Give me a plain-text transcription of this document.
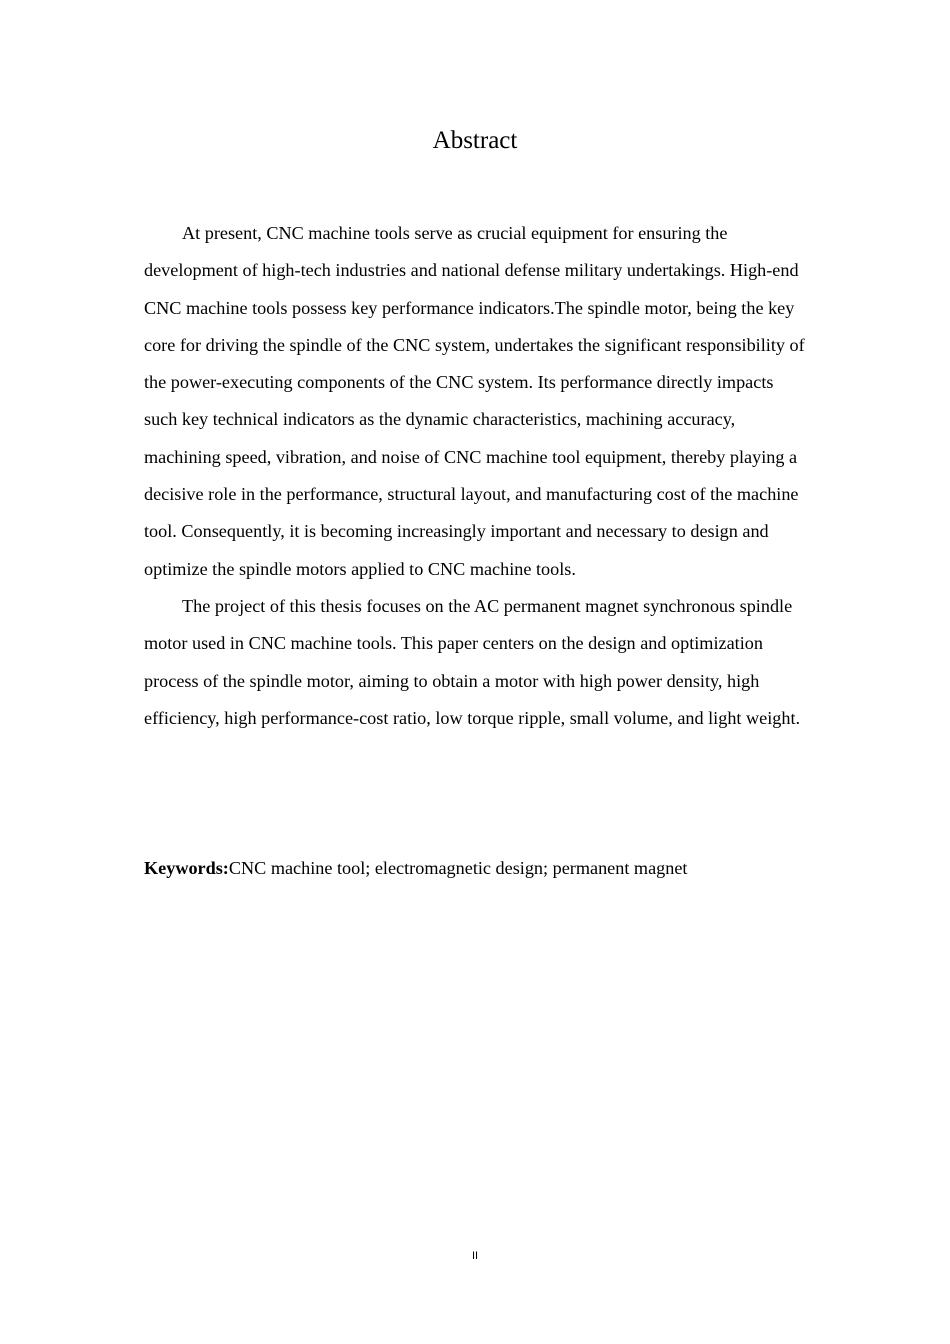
Abstract

At present, CNC machine tools serve as crucial equipment for ensuring the development of high-tech industries and national defense military undertakings. High-end CNC machine tools possess key performance indicators.The spindle motor, being the key core for driving the spindle of the CNC system, undertakes the significant responsibility of the power-executing components of the CNC system. Its performance directly impacts such key technical indicators as the dynamic characteristics, machining accuracy, machining speed, vibration, and noise of CNC machine tool equipment, thereby playing a decisive role in the performance, structural layout, and manufacturing cost of the machine tool. Consequently, it is becoming increasingly important and necessary to design and optimize the spindle motors applied to CNC machine tools.

The project of this thesis focuses on the AC permanent magnet synchronous spindle motor used in CNC machine tools. This paper centers on the design and optimization process of the spindle motor, aiming to obtain a motor with high power density, high efficiency, high performance-cost ratio, low torque ripple, small volume, and light weight.

Keywords:CNC machine tool; electromagnetic design; permanent magnet

II
